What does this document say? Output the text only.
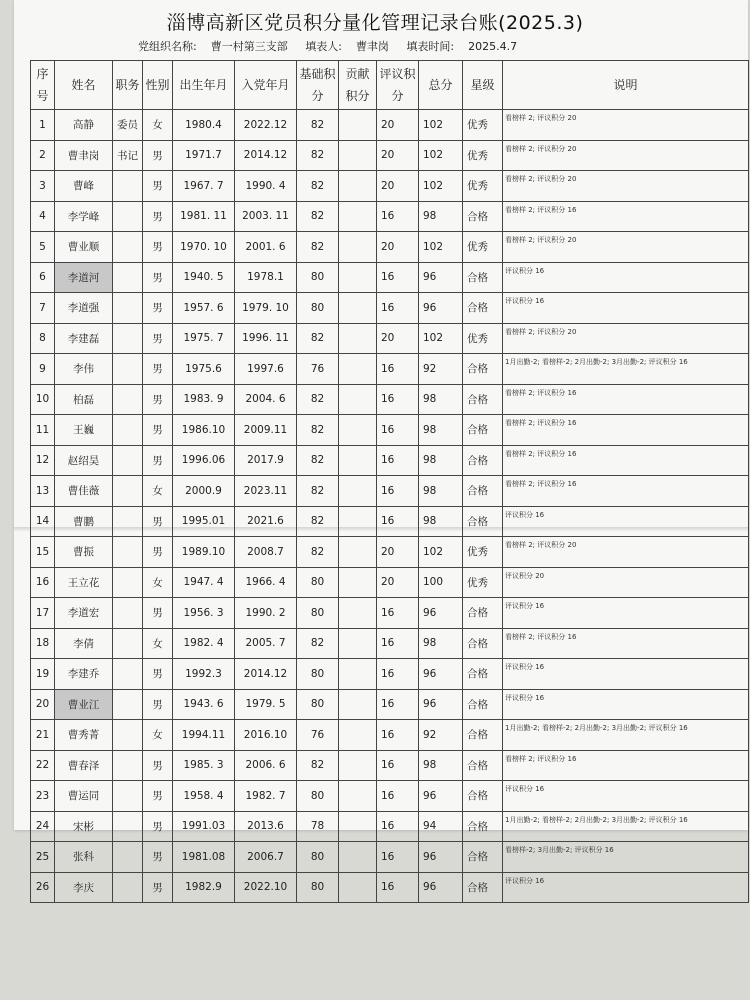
淄博高新区党员积分量化管理记录台账(2025.3)
党组织名称: 曹一村第三支部 填表人: 曹聿岗 填表时间: 2025.4.7
序号	姓名	职务	性别	出生年月	入党年月	基础积分	贡献积分	评议积分	总分	星级	说明
1	高静	委员	女	1980.4	2022.12	82		20	102	优秀	看榜样 2; 评议积分 20
2	曹聿岗	书记	男	1971.7	2014.12	82		20	102	优秀	看榜样 2; 评议积分 20
3	曹峰		男	1967. 7	1990. 4	82		20	102	优秀	看榜样 2; 评议积分 20
4	李学峰		男	1981. 11	2003. 11	82		16	98	合格	看榜样 2; 评议积分 16
5	曹业顺		男	1970. 10	2001. 6	82		20	102	优秀	看榜样 2; 评议积分 20
6	李道河		男	1940. 5	1978.1	80		16	96	合格	评议积分 16
7	李道强		男	1957. 6	1979. 10	80		16	96	合格	评议积分 16
8	李建磊		男	1975. 7	1996. 11	82		20	102	优秀	看榜样 2; 评议积分 20
9	李伟		男	1975.6	1997.6	76		16	92	合格	1月出勤-2; 看榜样-2; 2月出勤-2; 3月出勤-2; 评议积分 16
10	柏磊		男	1983. 9	2004. 6	82		16	98	合格	看榜样 2; 评议积分 16
11	王巍		男	1986.10	2009.11	82		16	98	合格	看榜样 2; 评议积分 16
12	赵绍昊		男	1996.06	2017.9	82		16	98	合格	看榜样 2; 评议积分 16
13	曹佳薇		女	2000.9	2023.11	82		16	98	合格	看榜样 2; 评议积分 16
14	曹鹏		男	1995.01	2021.6	82		16	98	合格	评议积分 16
15	曹振		男	1989.10	2008.7	82		20	102	优秀	看榜样 2; 评议积分 20
16	王立花		女	1947. 4	1966. 4	80		20	100	优秀	评议积分 20
17	李道宏		男	1956. 3	1990. 2	80		16	96	合格	评议积分 16
18	李倩		女	1982. 4	2005. 7	82		16	98	合格	看榜样 2; 评议积分 16
19	李建乔		男	1992.3	2014.12	80		16	96	合格	评议积分 16
20	曹业江		男	1943. 6	1979. 5	80		16	96	合格	评议积分 16
21	曹秀菁		女	1994.11	2016.10	76		16	92	合格	1月出勤-2; 看榜样-2; 2月出勤-2; 3月出勤-2; 评议积分 16
22	曹春泽		男	1985. 3	2006. 6	82		16	98	合格	看榜样 2; 评议积分 16
23	曹运同		男	1958. 4	1982. 7	80		16	96	合格	评议积分 16
24	宋彬		男	1991.03	2013.6	78		16	94	合格	1月出勤-2; 看榜样-2; 2月出勤-2; 3月出勤-2; 评议积分 16
25	张科		男	1981.08	2006.7	80		16	96	合格	看榜样-2; 3月出勤-2; 评议积分 16
26	李庆		男	1982.9	2022.10	80		16	96	合格	评议积分 16
